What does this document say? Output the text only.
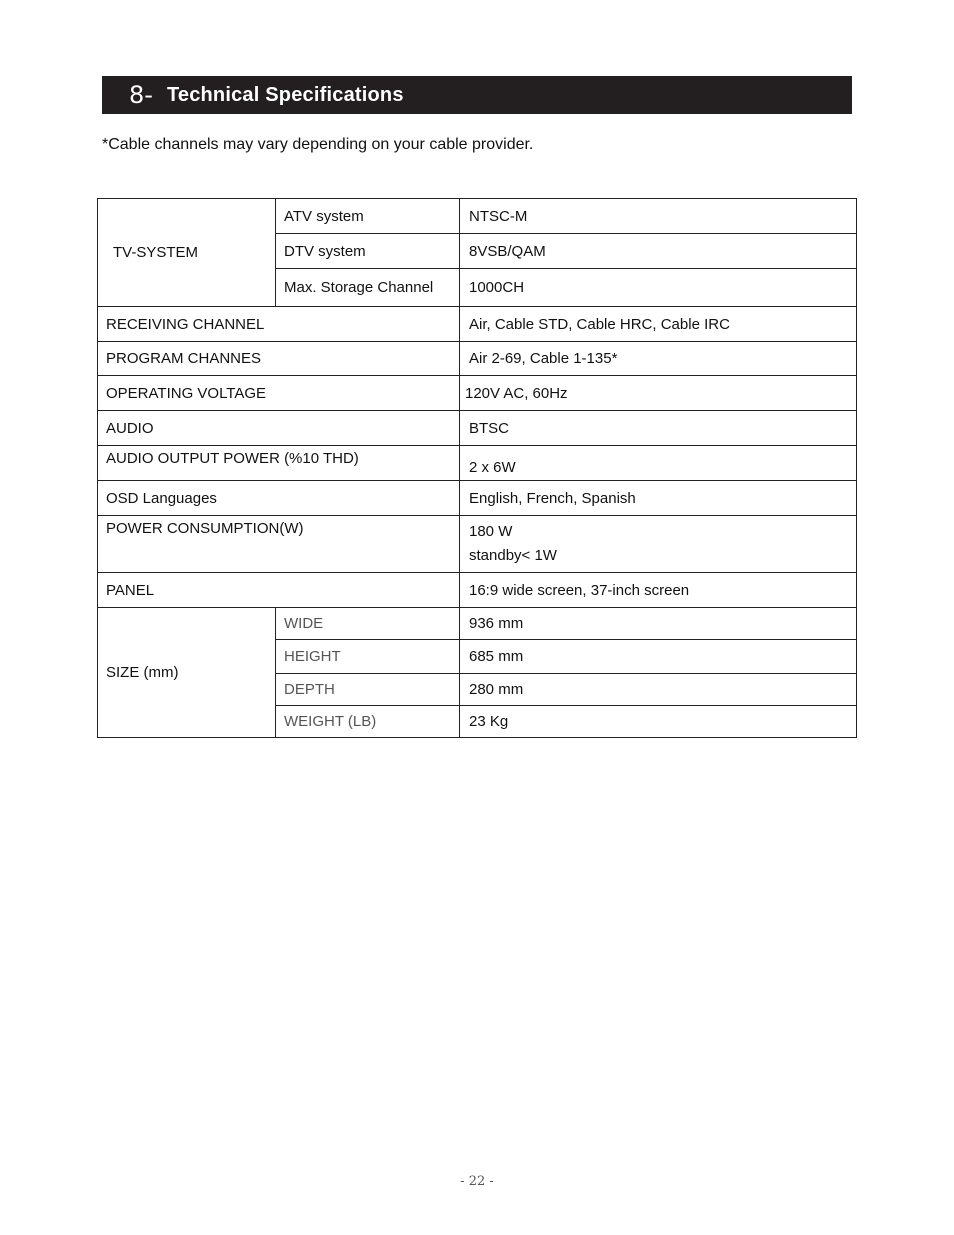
8- Technical Specifications
*Cable channels may vary depending on your cable provider.
TV-SYSTEM	ATV system	NTSC-M
	DTV system	8VSB/QAM
	Max. Storage Channel	1000CH
RECEIVING CHANNEL		Air, Cable STD, Cable HRC, Cable IRC
PROGRAM CHANNES		Air 2-69, Cable 1-135*
OPERATING VOLTAGE		120V AC, 60Hz
AUDIO		BTSC
AUDIO OUTPUT POWER (%10 THD)		2 x 6W
OSD Languages		English, French, Spanish
POWER CONSUMPTION(W)		180 W
standby< 1W

PANEL		16:9 wide screen, 37-inch screen
SIZE (mm)	WIDE	936 mm
	HEIGHT	685 mm
	DEPTH	280 mm
	WEIGHT (LB)	23 Kg
- 22 -
